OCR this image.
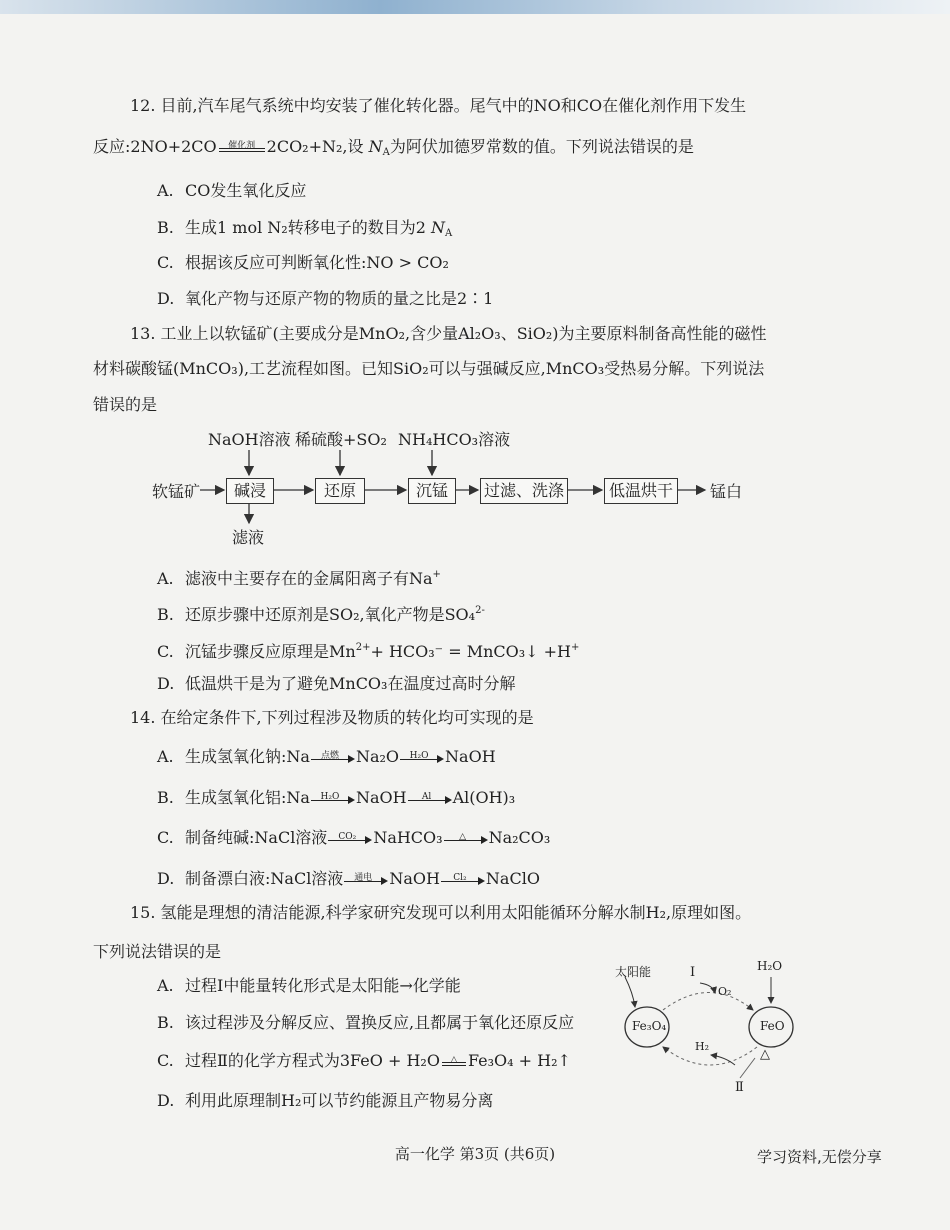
12. 目前,汽车尾气系统中均安装了催化转化器。尾气中的NO和CO在催化剂作用下发生
反应:2NO+2CO	催化剂 2CO₂+N₂,设 $N_A$为阿伏加德罗常数的值。下列说法错误的是
A. CO发生氧化反应
B. 生成1 mol N₂转移电子的数目为2 $N_A$
C. 根据该反应可判断氧化性:NO > CO₂
D. 氧化产物与还原产物的物质的量之比是2∶1
13. 工业上以软锰矿(主要成分是MnO₂,含少量Al₂O₃、SiO₂)为主要原料制备高性能的磁性
材料碳酸锰(MnCO₃),工艺流程如图。已知SiO₂可以与强碱反应,MnCO₃受热易分解。下列说法
错误的是
NaOH溶液 稀硫酸+SO₂ NH₄HCO₃溶液
软锰矿	碱浸	还原	沉锰	过滤、洗涤	低温烘干	锰白
滤液
A. 滤液中主要存在的金属阳离子有Na+
B. 还原步骤中还原剂是SO₂,氧化产物是SO₄$^{2-}$
C. 沉锰步骤反应原理是$Mn^{2+}+ HCO_3^-$ = MnCO₃↓ +H+
D. 低温烘干是为了避免MnCO₃在温度过高时分解
14. 在给定条件下,下列过程涉及物质的转化均可实现的是
A. 生成氢氧化钠:Na	点燃	Na₂O	H₂O	NaOH
B. 生成氢氧化铝:Na	H₂O	NaOH	Al	Al(OH)₃
C. 制备纯碱:NaCl溶液	CO₂	NaHCO₃	△	Na₂CO₃
D. 制备漂白液:NaCl溶液	通电	NaOH	Cl₂	NaClO
15. 氢能是理想的清洁能源,科学家研究发现可以利用太阳能循环分解水制H₂,原理如图。
下列说法错误的是
A. 过程Ⅰ中能量转化形式是太阳能→化学能
B. 该过程涉及分解反应、置换反应,且都属于氧化还原反应
C. 过程Ⅱ的化学方程式为3FeO + H₂O	△ Fe₃O₄ + H₂↑
D. 利用此原理制H₂可以节约能源且产物易分离
太阳能	Ⅰ
O₂
H₂O
Fe₃O₄	FeO
H₂
Ⅱ
△
高一化学 第3页 (共6页)	学习资料,无偿分享
